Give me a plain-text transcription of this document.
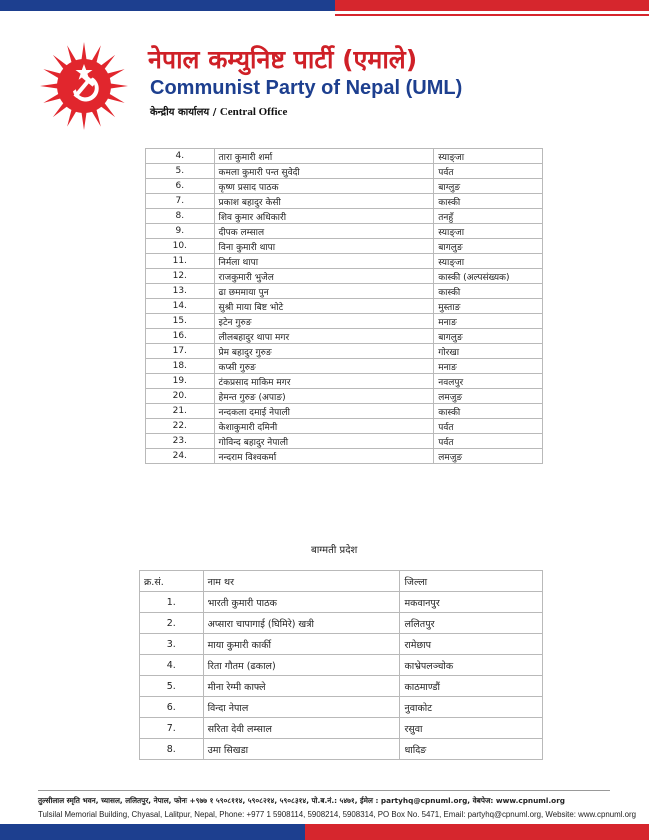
नेपाल कम्युनिष्ट पार्टी (एमाले)
Communist Party of Nepal (UML)
केन्द्रीय कार्यालय / Central Office
4.	तारा कुमारी शर्मा	स्याङ्जा
5.	कमला कुमारी पन्त सुवेदी	पर्वत
6.	कृष्ण प्रसाद पाठक	बाग्लुङ
7.	प्रकाश बहादुर केसी	कास्की
8.	शिव कुमार अधिकारी	तनहुँ
9.	दीपक लम्साल	स्याङ्जा
10.	विना कुमारी थापा	बागलुङ
11.	निर्मला थापा	स्याङ्जा
12.	राजकुमारी भुजेल	कास्की (अल्पसंख्यक)
13.	ढा छममाया पुन	कास्की
14.	सुश्री माया बिष्ट भोटे	मुस्ताङ
15.	इटेन गुरुङ	मनाङ
16.	लीलबहादुर थापा मगर	बागलुङ
17.	प्रेम बहादुर गुरुङ	गोरखा
18.	कप्सी गुरुङ	मनाङ
19.	टंकप्रसाद माकिम मगर	नवलपुर
20.	हेमन्त गुरुङ (अपाङ)	लमजुङ
21.	नन्दकला दमाई नेपाली	कास्की
22.	केशाकुमारी दमिनी	पर्वत
23.	गोविन्द बहादुर नेपाली	पर्वत
24.	नन्दराम विश्वकर्मा	लमजुङ
बाग्मती प्रदेश
क्र.सं.	नाम थर	जिल्ला
1.	भारती कुमारी पाठक	मकवानपुर
2.	अप्सारा चापागाई (घिमिरे) खत्री	ललितपुर
3.	माया कुमारी कार्की	रामेछाप
4.	रिता गौतम (ढकाल)	काभ्रेपलञ्चोक
5.	मीना रेग्मी काफ्ले	काठमाण्डौं
6.	विन्दा नेपाल	नुवाकोट
7.	सरिता देवी लम्साल	रसुवा
8.	उमा सिखडा	धादिङ
तुल्सीलाल स्मृति भवन, च्यासल, ललितपुर, नेपाल, फोनः +९७७ १ ५९०८११४, ५९०८२१४, ५९०८३१४, पो.ब.नं.: ५४७१, ईमेल : partyhq@cpnuml.org, वेबपेज: www.cpnuml.org
Tulsilal Memorial Building, Chyasal, Lalitpur, Nepal, Phone: +977 1 5908114, 5908214, 5908314, PO Box No. 5471, Email: partyhq@cpnuml.org, Website: www.cpnuml.org
